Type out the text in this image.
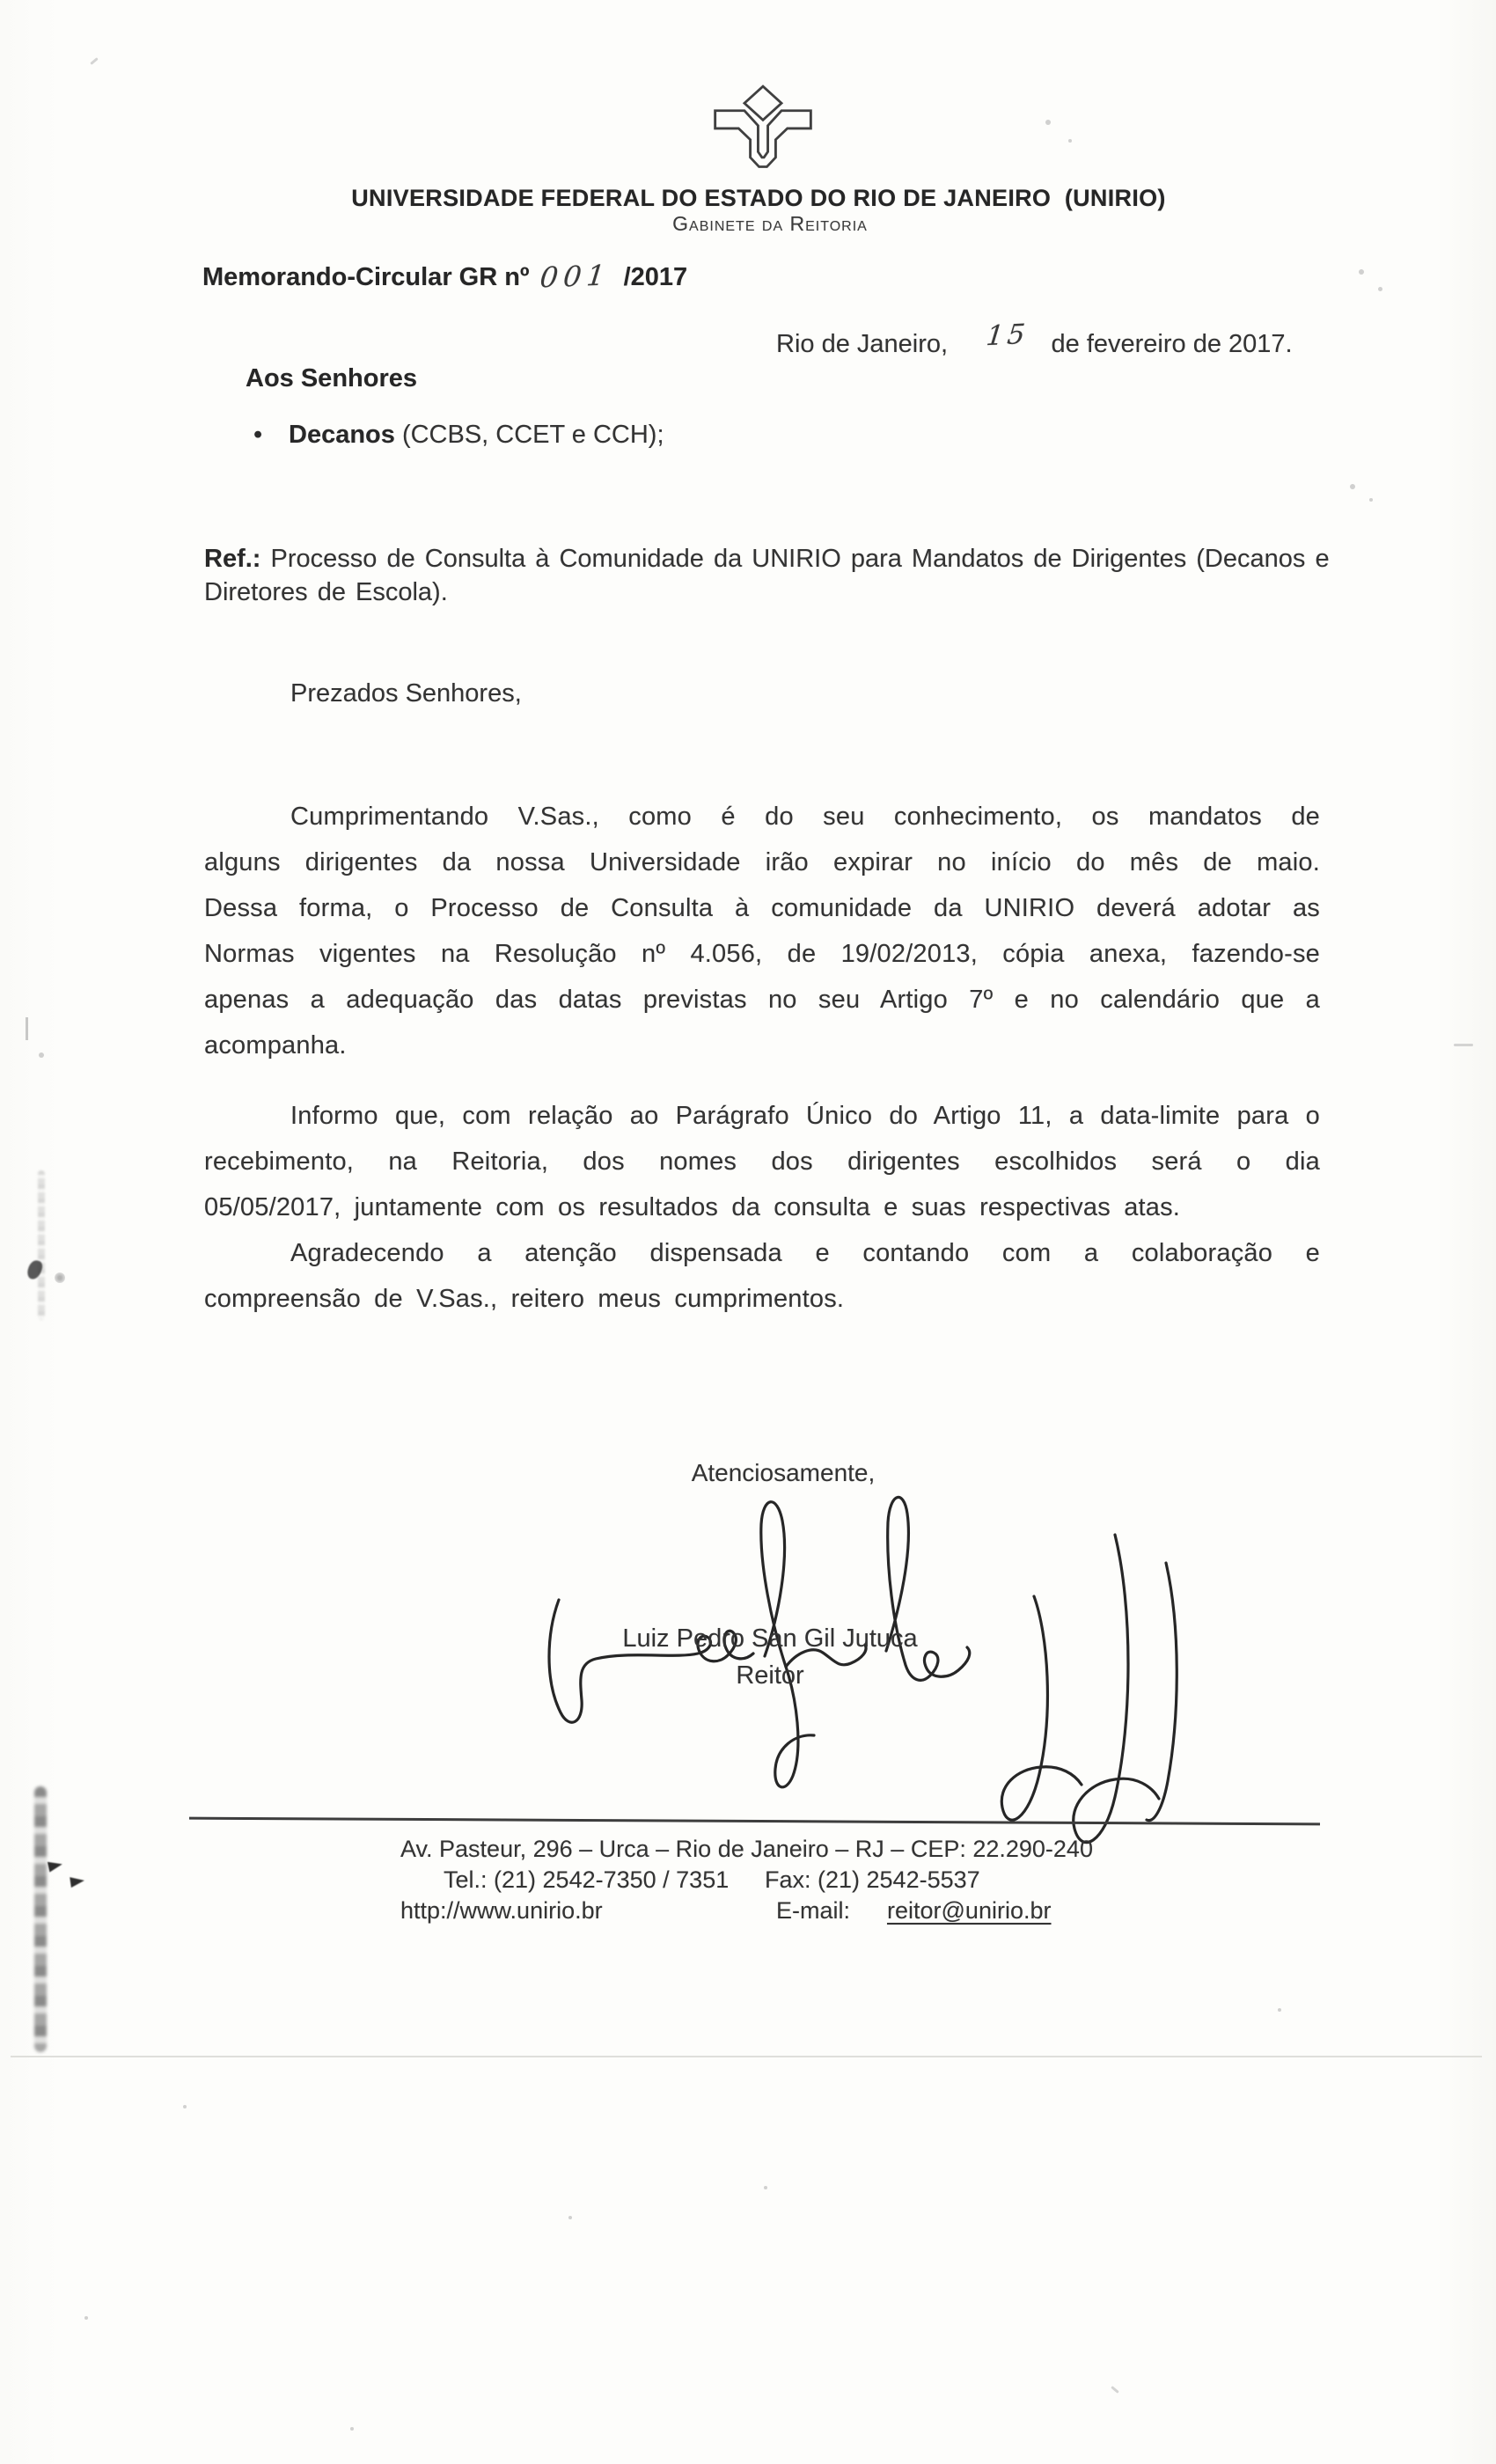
UNIVERSIDADE FEDERAL DO ESTADO DO RIO DE JANEIRO  (UNIRIO)
Gabinete da Reitoria
Memorando-Circular GR nº 001 /2017
Rio de Janeiro, 15 de fevereiro de 2017.
Aos Senhores
• Decanos (CCBS, CCET e CCH);
Ref.: Processo de Consulta à Comunidade da UNIRIO para Mandatos de Dirigentes (Decanos e Diretores de Escola).
Prezados Senhores,
Cumprimentando V.Sas., como é do seu conhecimento, os mandatos de
alguns dirigentes da nossa Universidade irão expirar no início do mês de maio.
Dessa forma, o Processo de Consulta à comunidade da UNIRIO deverá adotar as
Normas vigentes na Resolução nº 4.056, de 19/02/2013, cópia anexa, fazendo-se
apenas a adequação das datas previstas no seu Artigo 7º e no calendário que a
acompanha.
Informo que, com relação ao Parágrafo Único do Artigo 11, a data-limite para o
recebimento, na Reitoria, dos nomes dos dirigentes escolhidos será o dia
05/05/2017, juntamente com os resultados da consulta e suas respectivas atas.
Agradecendo a atenção dispensada e contando com a colaboração e
compreensão de V.Sas., reitero meus cumprimentos.
Atenciosamente,
Luiz Pedro San Gil Jutuca
Reitor
Av. Pasteur, 296 – Urca – Rio de Janeiro – RJ – CEP: 22.290-240
Tel.: (21) 2542-7350 / 7351 Fax: (21) 2542-5537
http://www.unirio.br	E-mail: reitor@unirio.br
